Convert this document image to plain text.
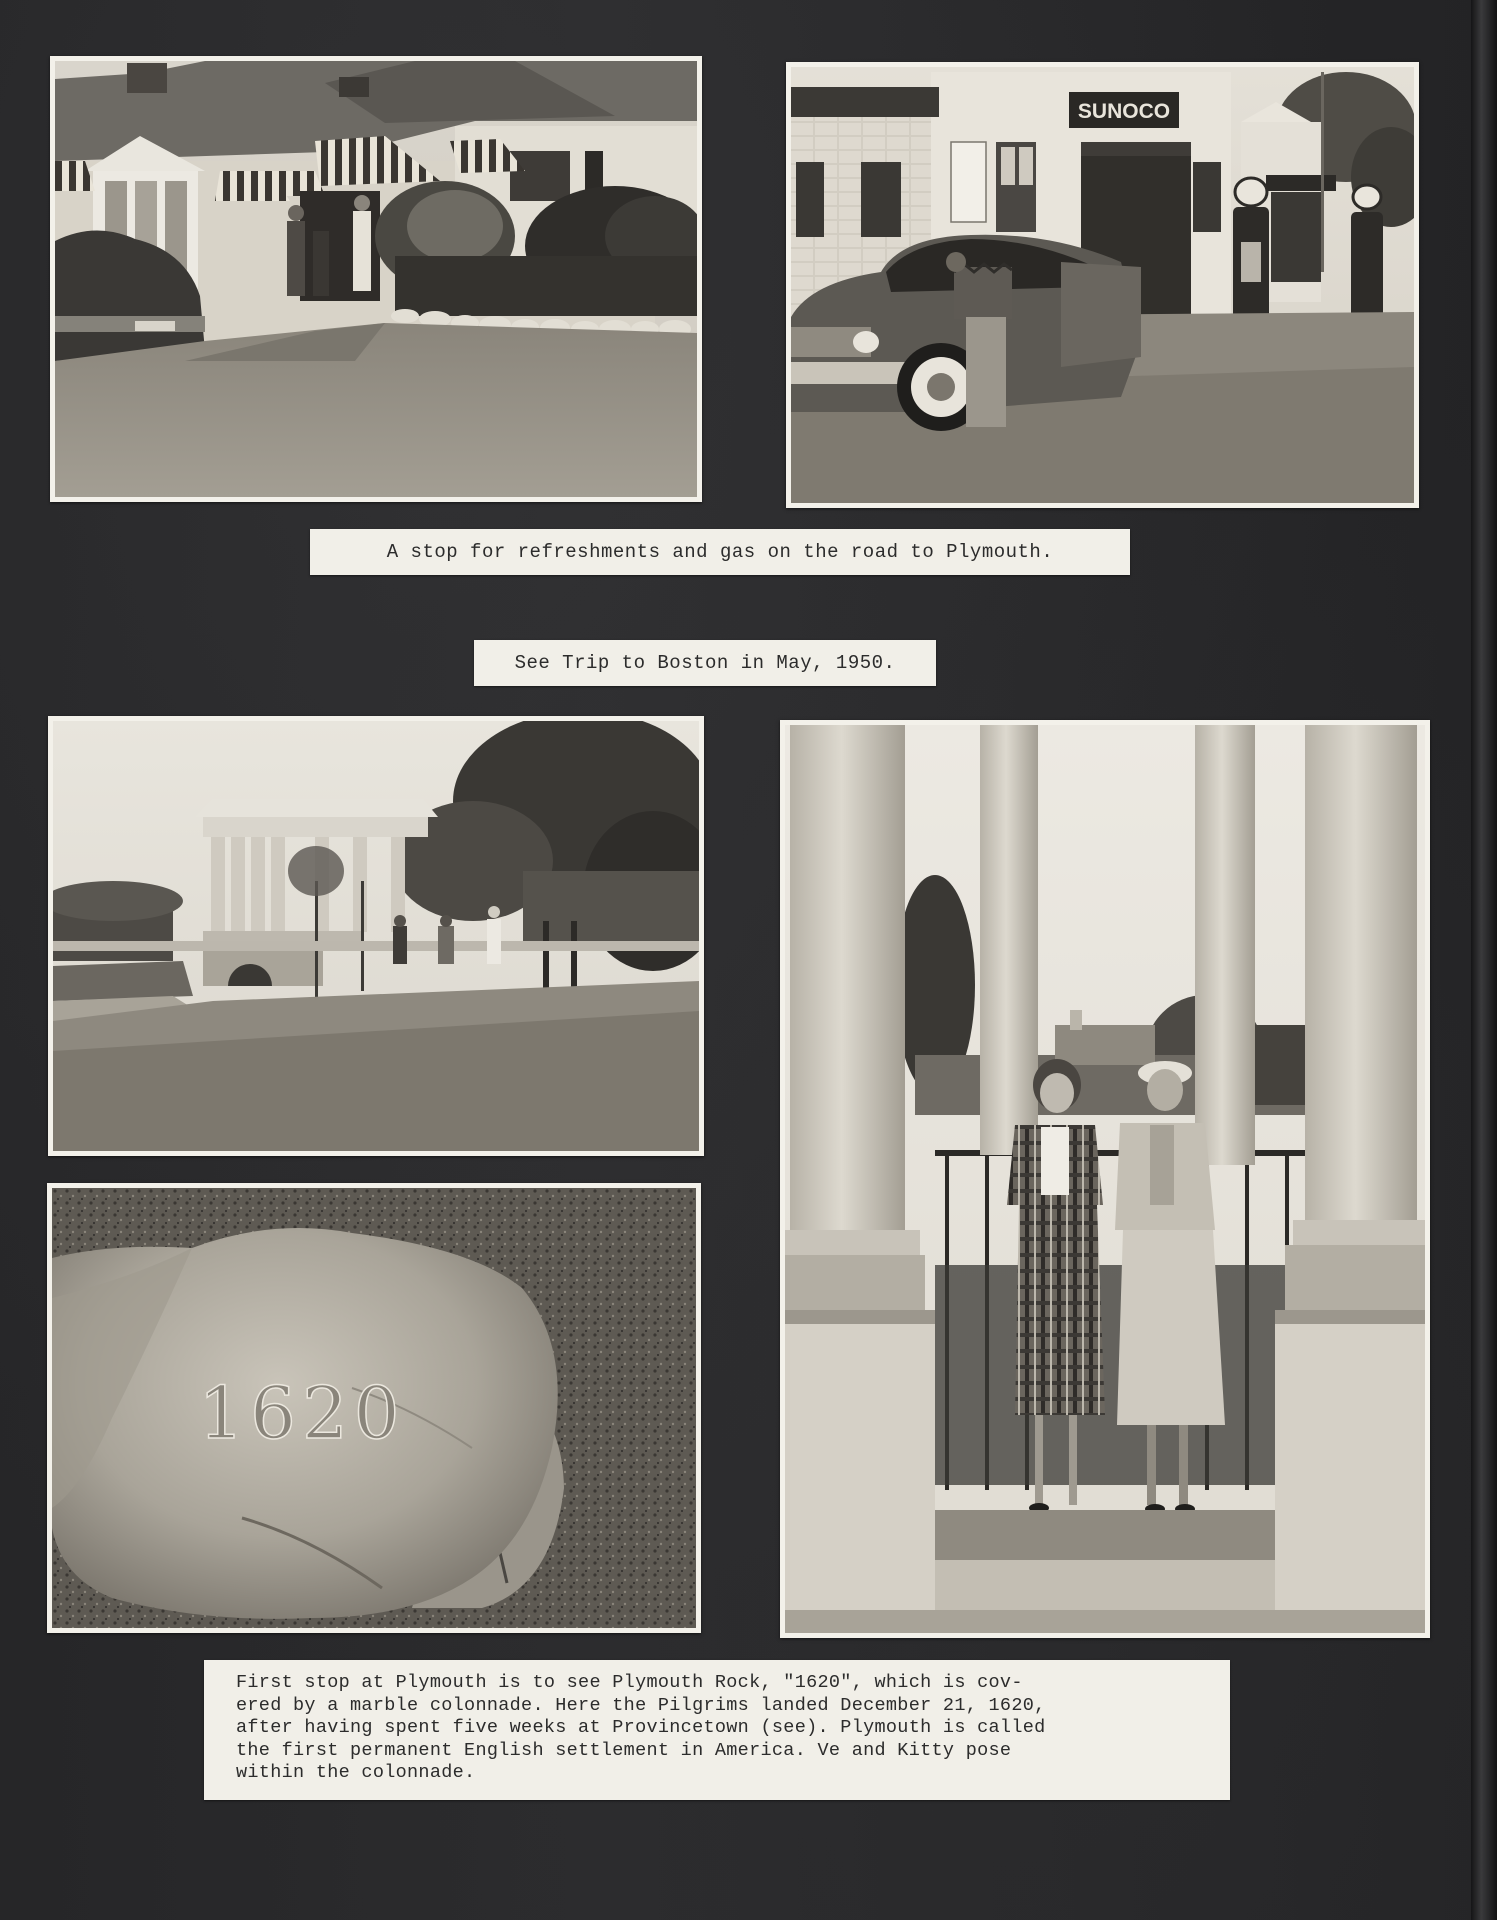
SUNOCO
A stop for refreshments and gas on the road to Plymouth.
See Trip to Boston in May, 1950.
1620
First stop at Plymouth is to see Plymouth Rock, "1620", which is cov-
ered by a marble colonnade. Here the Pilgrims landed December 21, 1620,
after having spent five weeks at Provincetown (see). Plymouth is called
the first permanent English settlement in America. Ve and Kitty pose
within the colonnade.
